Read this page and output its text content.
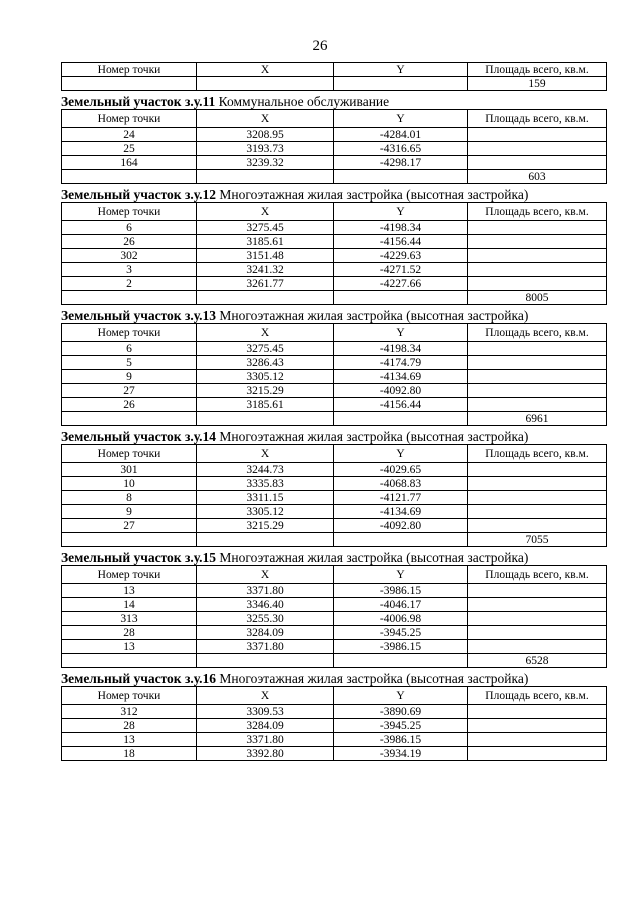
26
Номер точки	X	Y	Площадь всего, кв.м.
			159
Земельный участок з.у.11 Коммунальное обслуживание
Номер точки	X	Y	Площадь всего, кв.м.
24	3208.95	-4284.01	
25	3193.73	-4316.65	
164	3239.32	-4298.17	
			603
Земельный участок з.у.12 Многоэтажная жилая застройка (высотная застройка)
Номер точки	X	Y	Площадь всего, кв.м.
6	3275.45	-4198.34	
26	3185.61	-4156.44	
302	3151.48	-4229.63	
3	3241.32	-4271.52	
2	3261.77	-4227.66	
			8005
Земельный участок з.у.13 Многоэтажная жилая застройка (высотная застройка)
Номер точки	X	Y	Площадь всего, кв.м.
6	3275.45	-4198.34	
5	3286.43	-4174.79	
9	3305.12	-4134.69	
27	3215.29	-4092.80	
26	3185.61	-4156.44	
			6961
Земельный участок з.у.14 Многоэтажная жилая застройка (высотная застройка)
Номер точки	X	Y	Площадь всего, кв.м.
301	3244.73	-4029.65	
10	3335.83	-4068.83	
8	3311.15	-4121.77	
9	3305.12	-4134.69	
27	3215.29	-4092.80	
			7055
Земельный участок з.у.15 Многоэтажная жилая застройка (высотная застройка)
Номер точки	X	Y	Площадь всего, кв.м.
13	3371.80	-3986.15	
14	3346.40	-4046.17	
313	3255.30	-4006.98	
28	3284.09	-3945.25	
13	3371.80	-3986.15	
			6528
Земельный участок з.у.16 Многоэтажная жилая застройка (высотная застройка)
Номер точки	X	Y	Площадь всего, кв.м.
312	3309.53	-3890.69	
28	3284.09	-3945.25	
13	3371.80	-3986.15	
18	3392.80	-3934.19	
